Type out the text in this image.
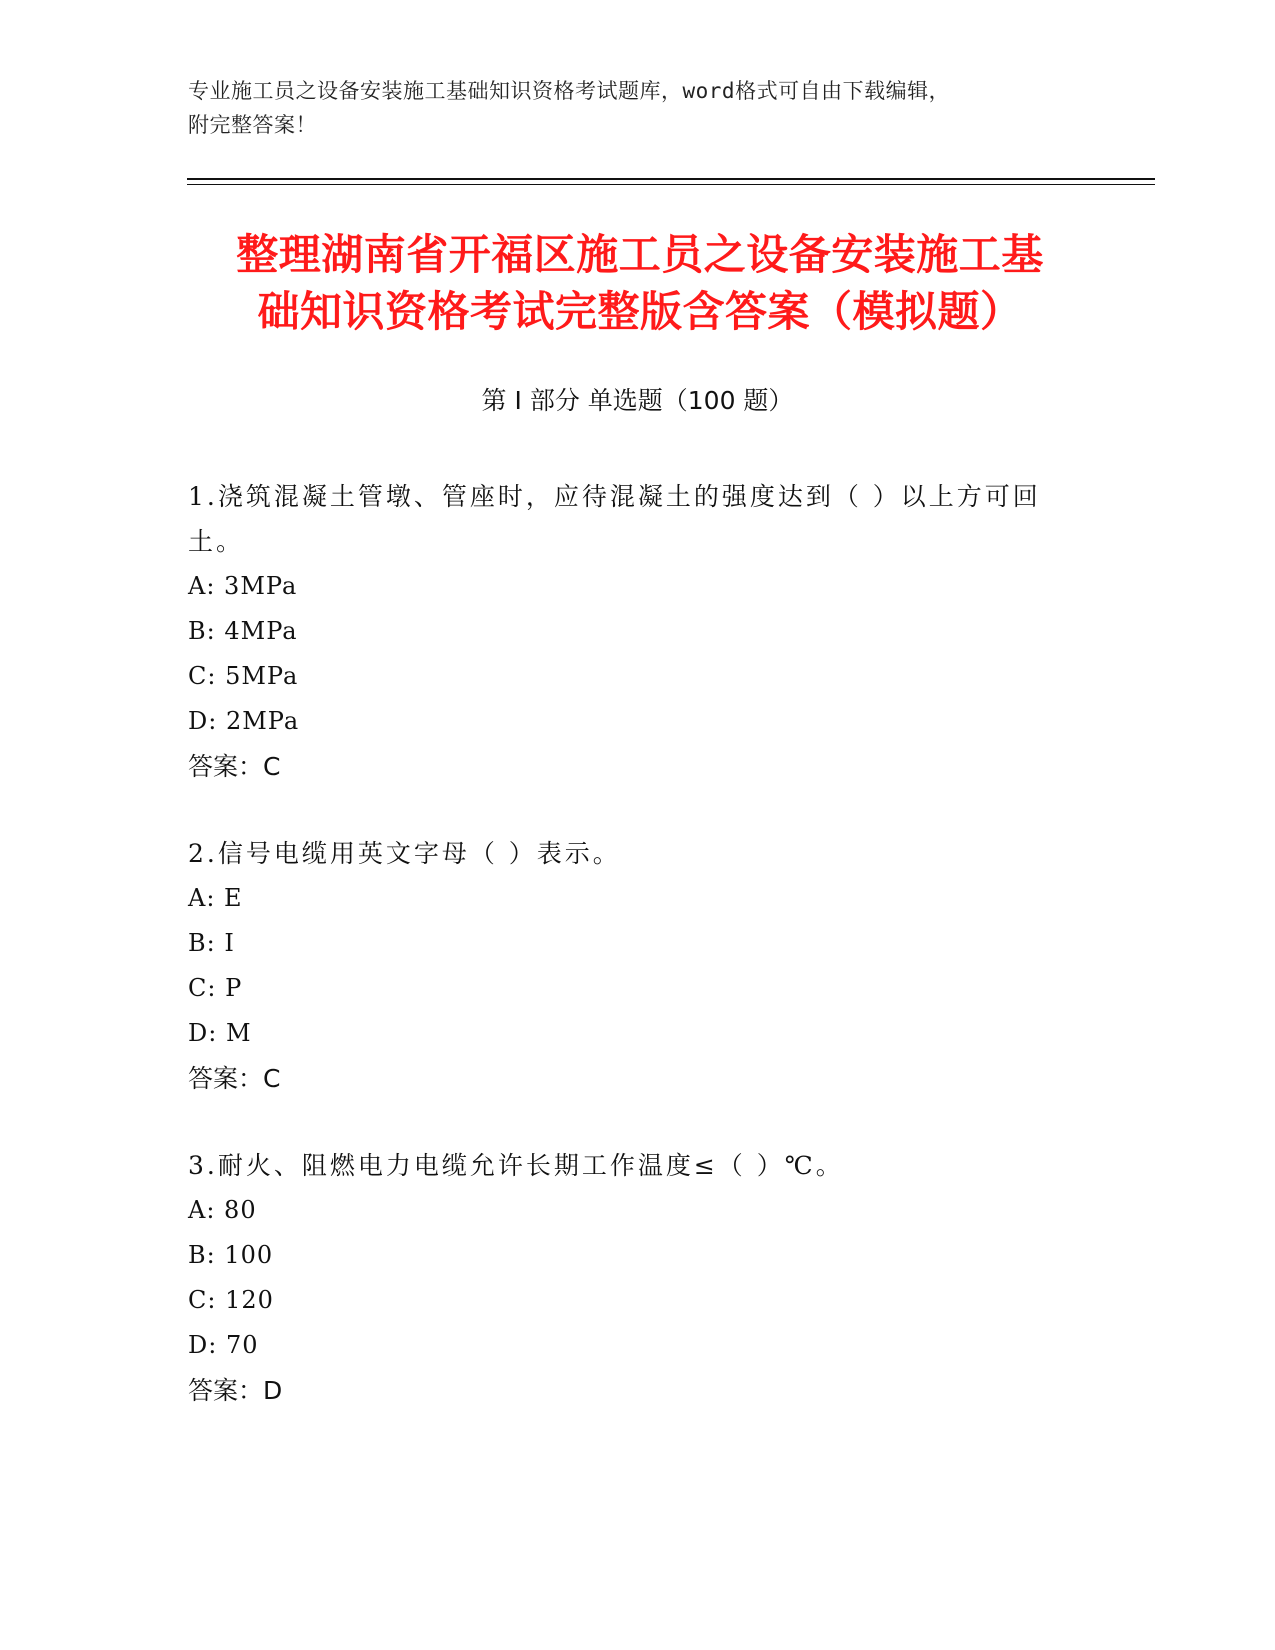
专业施工员之设备安装施工基础知识资格考试题库，word格式可自由下载编辑，
附完整答案！
整理湖南省开福区施工员之设备安装施工基
础知识资格考试完整版含答案（模拟题）
第 I 部分 单选题（100 题）
1.浇筑混凝土管墩、管座时，应待混凝土的强度达到（ ）以上方可回土。
A: 3MPa
B: 4MPa
C: 5MPa
D: 2MPa
答案：C
2.信号电缆用英文字母（ ）表示。
A: E
B: I
C: P
D: M
答案：C
3.耐火、阻燃电力电缆允许长期工作温度≤（ ）℃。
A: 80
B: 100
C: 120
D: 70
答案：D
